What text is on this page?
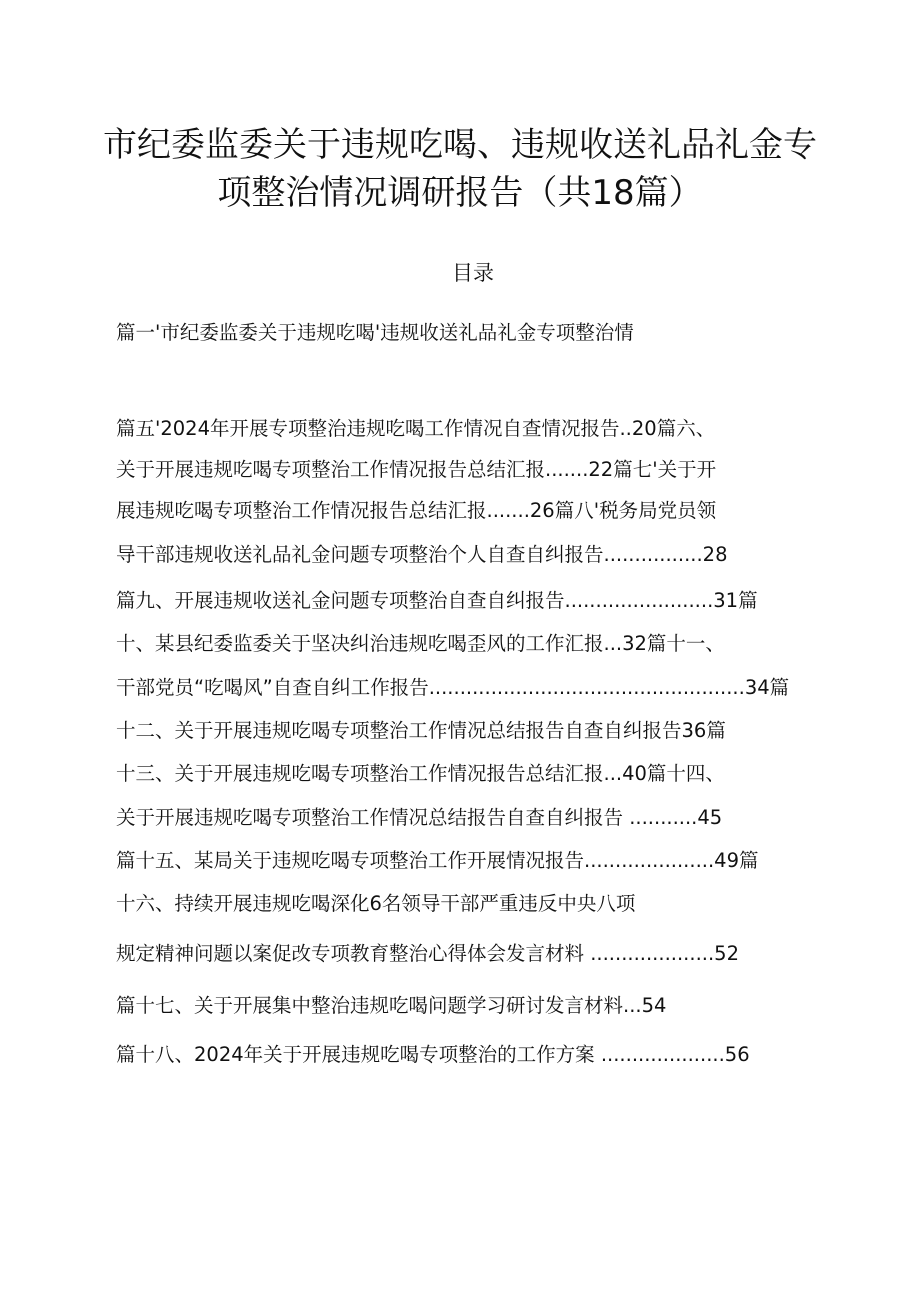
市纪委监委关于违规吃喝、违规收送礼品礼金专
项整治情况调研报告（共18篇）
目录
篇一'市纪委监委关于违规吃喝'违规收送礼品礼金专项整治情
篇五'2024年开展专项整治违规吃喝工作情况自查情况报告..20篇六、
关于开展违规吃喝专项整治工作情况报告总结汇报.......22篇七'关于开
展违规吃喝专项整治工作情况报告总结汇报.......26篇八'税务局党员领
导干部违规收送礼品礼金问题专项整治个人自查自纠报告................28
篇九、开展违规收送礼金问题专项整治自查自纠报告........................31篇
十、某县纪委监委关于坚决纠治违规吃喝歪风的工作汇报...32篇十一、
干部党员“吃喝风”自查自纠工作报告...................................................34篇
十二、关于开展违规吃喝专项整治工作情况总结报告自查自纠报告36篇
十三、关于开展违规吃喝专项整治工作情况报告总结汇报...40篇十四、
关于开展违规吃喝专项整治工作情况总结报告自查自纠报告 ...........45
篇十五、某局关于违规吃喝专项整治工作开展情况报告.....................49篇
十六、持续开展违规吃喝深化6名领导干部严重违反中央八项
规定精神问题以案促改专项教育整治心得体会发言材料 ....................52
篇十七、关于开展集中整治违规吃喝问题学习研讨发言材料...54
篇十八、2024年关于开展违规吃喝专项整治的工作方案 ....................56
